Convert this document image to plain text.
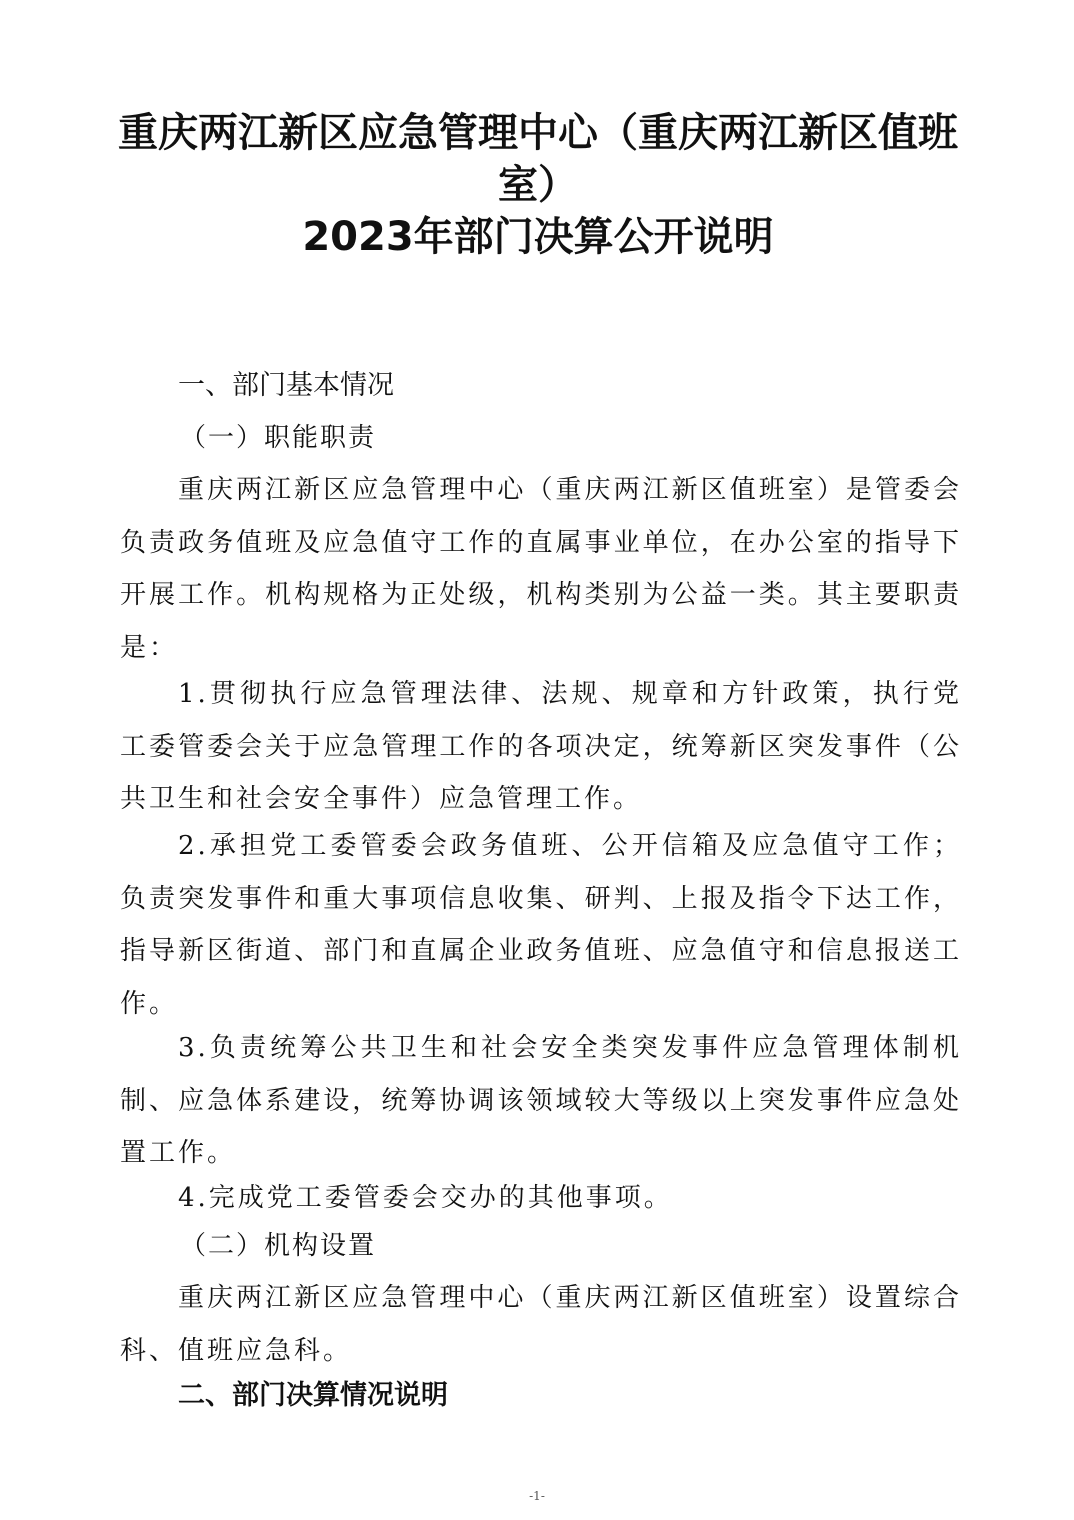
重庆两江新区应急管理中心（重庆两江新区值班
室）
2023年部门决算公开说明
一、部门基本情况
（一）职能职责
重庆两江新区应急管理中心（重庆两江新区值班室）是管委会负责政务值班及应急值守工作的直属事业单位，在办公室的指导下开展工作。机构规格为正处级，机构类别为公益一类。其主要职责是：
1.贯彻执行应急管理法律、法规、规章和方针政策，执行党工委管委会关于应急管理工作的各项决定，统筹新区突发事件（公共卫生和社会安全事件）应急管理工作。
2.承担党工委管委会政务值班、公开信箱及应急值守工作；负责突发事件和重大事项信息收集、研判、上报及指令下达工作，指导新区街道、部门和直属企业政务值班、应急值守和信息报送工作。
3.负责统筹公共卫生和社会安全类突发事件应急管理体制机制、应急体系建设，统筹协调该领域较大等级以上突发事件应急处置工作。
4.完成党工委管委会交办的其他事项。
（二）机构设置
重庆两江新区应急管理中心（重庆两江新区值班室）设置综合科、值班应急科。
二、部门决算情况说明
-1-
